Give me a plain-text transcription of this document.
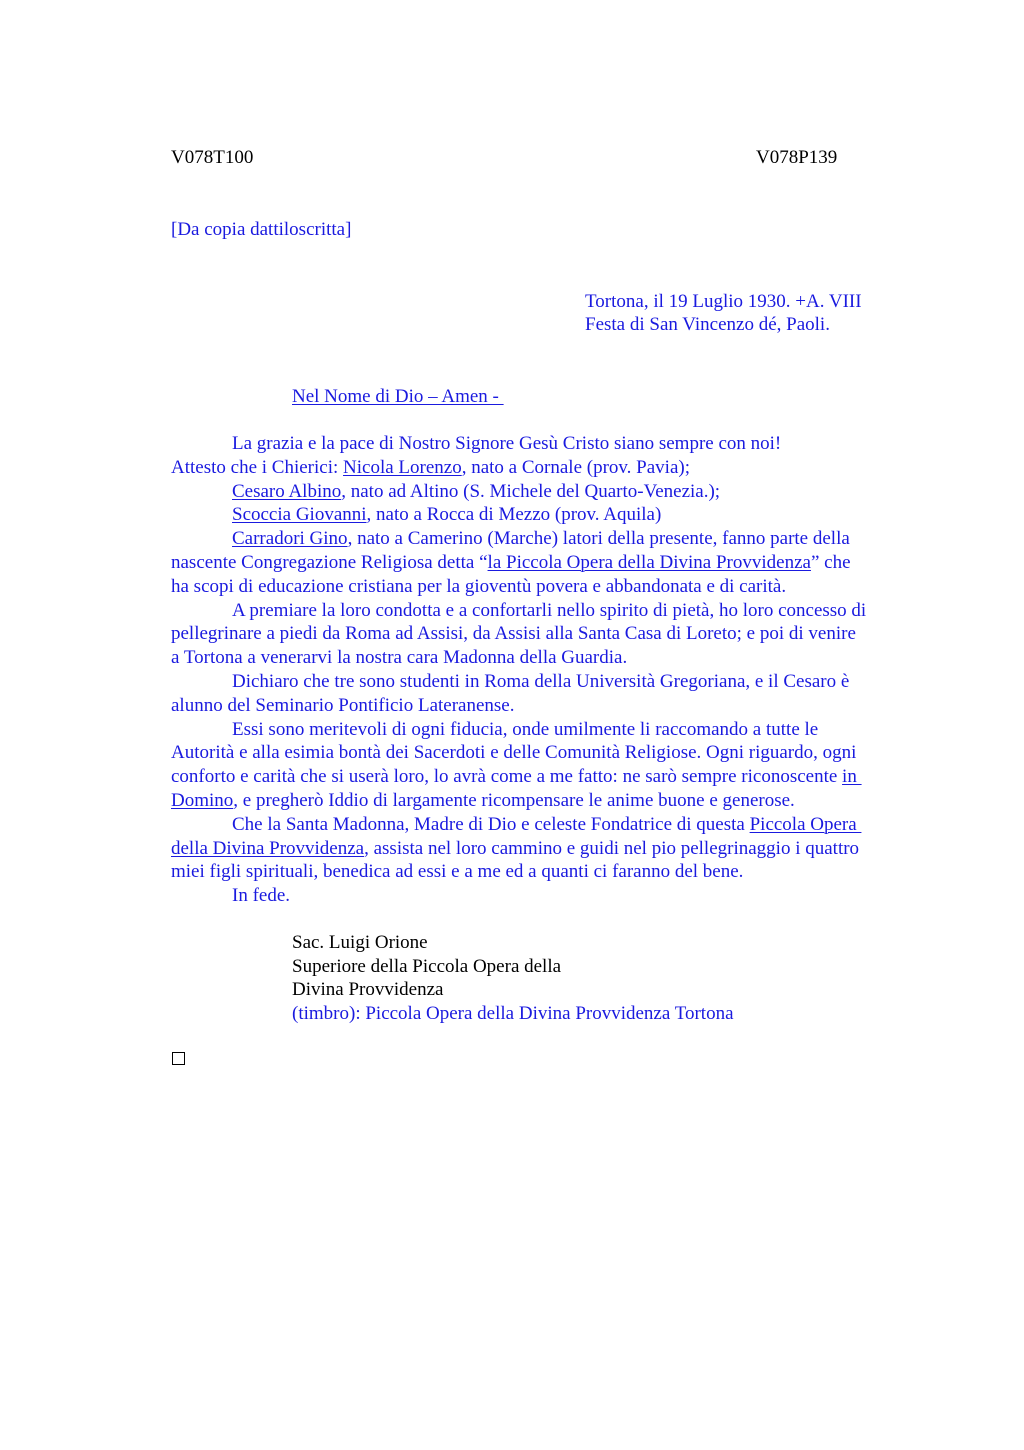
V078T100	V078P139
[Da copia dattiloscritta]
Tortona, il 19 Luglio 1930. +A. VIII
Festa di San Vincenzo dé, Paoli.
Nel Nome di Dio – Amen -
La grazia e la pace di Nostro Signore Gesù Cristo siano sempre con noi!
Attesto che i Chierici: Nicola Lorenzo, nato a Cornale (prov. Pavia);
Cesaro Albino, nato ad Altino (S. Michele del Quarto-Venezia.);
Scoccia Giovanni, nato a Rocca di Mezzo (prov. Aquila)
Carradori Gino, nato a Camerino (Marche) latori della presente, fanno parte della
nascente Congregazione Religiosa detta “la Piccola Opera della Divina Provvidenza” che
ha scopi di educazione cristiana per la gioventù povera e abbandonata e di carità.
A premiare la loro condotta e a confortarli nello spirito di pietà, ho loro concesso di
pellegrinare a piedi da Roma ad Assisi, da Assisi alla Santa Casa di Loreto; e poi di venire
a Tortona a venerarvi la nostra cara Madonna della Guardia.
Dichiaro che tre sono studenti in Roma della Università Gregoriana, e il Cesaro è
alunno del Seminario Pontificio Lateranense.
Essi sono meritevoli di ogni fiducia, onde umilmente li raccomando a tutte le
Autorità e alla esimia bontà dei Sacerdoti e delle Comunità Religiose. Ogni riguardo, ogni
conforto e carità che si userà loro, lo avrà come a me fatto: ne sarò sempre riconoscente in
Domino, e pregherò Iddio di largamente ricompensare le anime buone e generose.
Che la Santa Madonna, Madre di Dio e celeste Fondatrice di questa Piccola Opera
della Divina Provvidenza, assista nel loro cammino e guidi nel pio pellegrinaggio i quattro
miei figli spirituali, benedica ad essi e a me ed a quanti ci faranno del bene.
In fede.
Sac. Luigi Orione
Superiore della Piccola Opera della
Divina Provvidenza
(timbro): Piccola Opera della Divina Provvidenza Tortona
